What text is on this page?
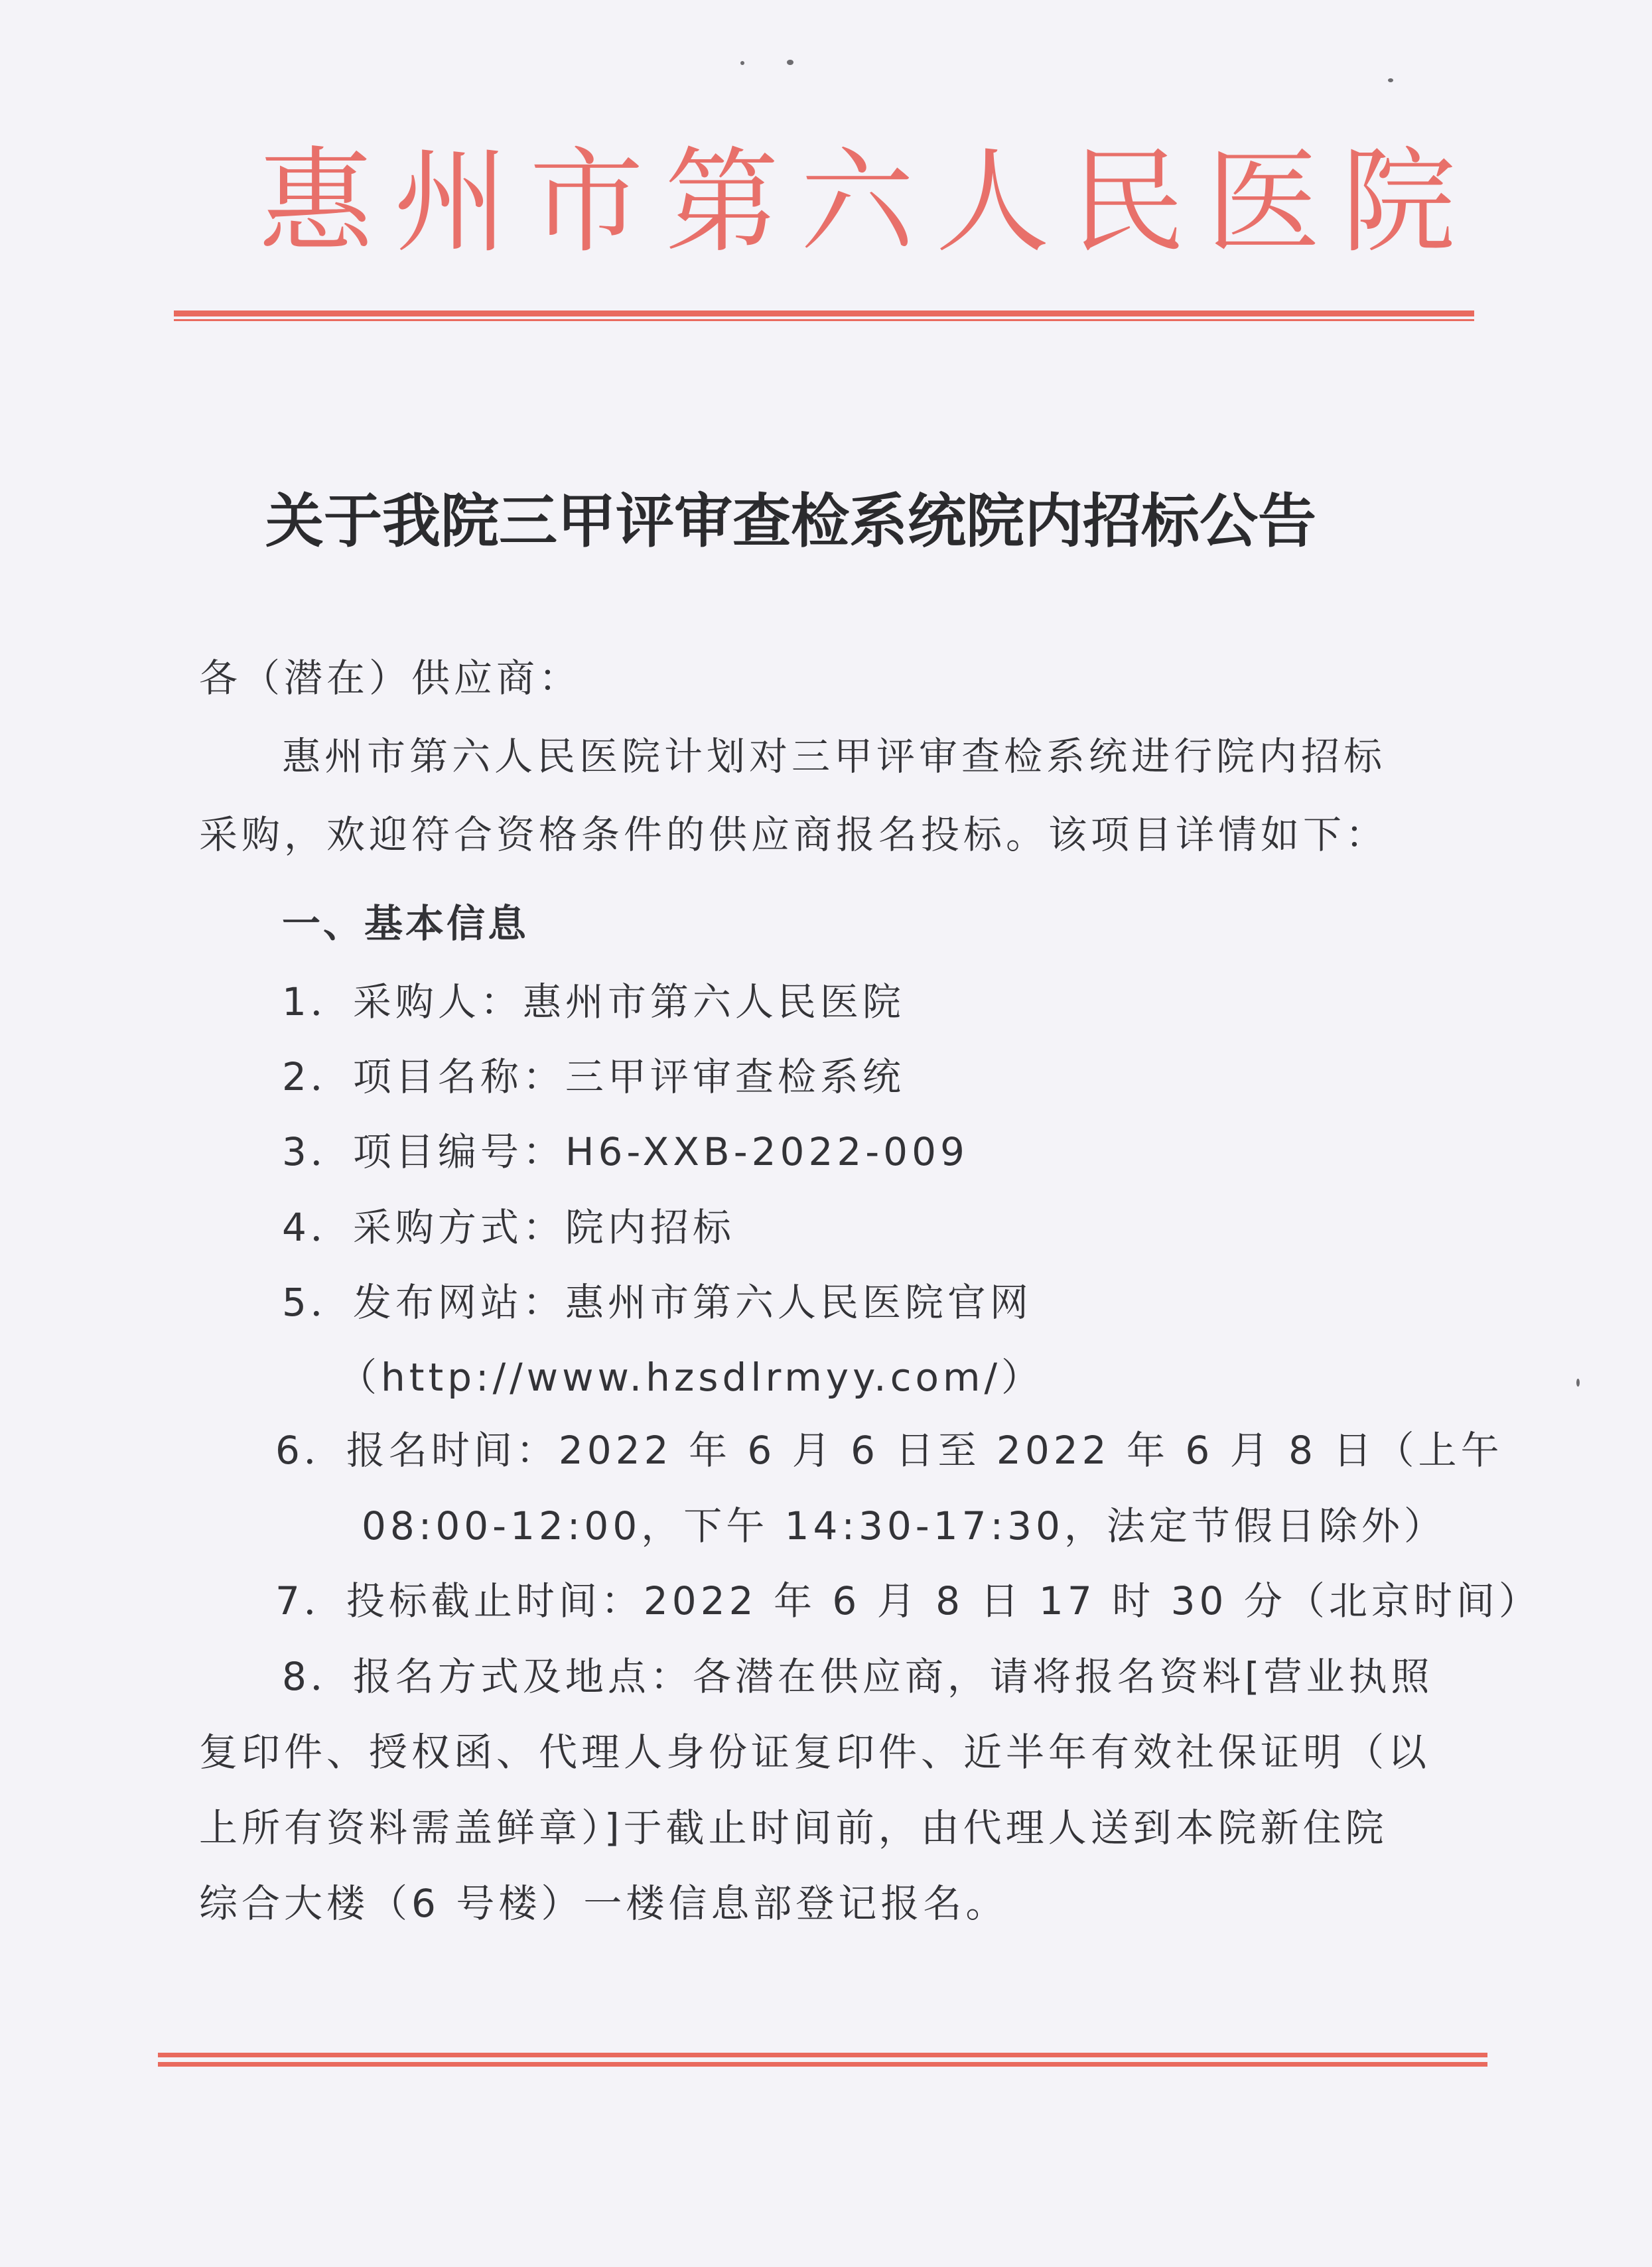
惠州市第六人民医院
关于我院三甲评审查检系统院内招标公告
各（潜在）供应商：
惠州市第六人民医院计划对三甲评审查检系统进行院内招标
采购，欢迎符合资格条件的供应商报名投标。该项目详情如下：
一、基本信息
1．采购人：惠州市第六人民医院
2．项目名称：三甲评审查检系统
3．项目编号：H6-XXB-2022-009
4．采购方式：院内招标
5．发布网站：惠州市第六人民医院官网
（http://www.hzsdlrmyy.com/）
6．报名时间：2022 年 6 月 6 日至 2022 年 6 月 8 日（上午
08:00-12:00，下午 14:30-17:30，法定节假日除外）
7．投标截止时间：2022 年 6 月 8 日 17 时 30 分（北京时间）
8．报名方式及地点：各潜在供应商，请将报名资料[营业执照
复印件、授权函、代理人身份证复印件、近半年有效社保证明（以
上所有资料需盖鲜章）]于截止时间前，由代理人送到本院新住院
综合大楼（6 号楼）一楼信息部登记报名。
